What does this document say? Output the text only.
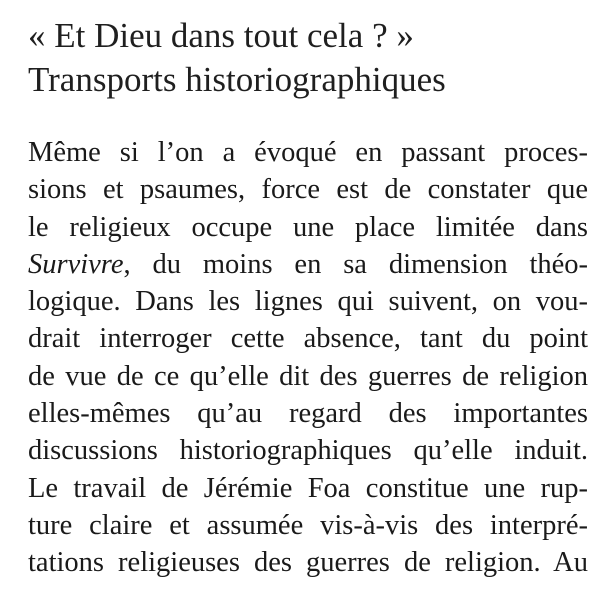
« Et Dieu dans tout cela ? »
Transports historiographiques
Même si l’on a évoqué en passant proces-
sions et psaumes, force est de constater que
le religieux occupe une place limitée dans
Survivre, du moins en sa dimension théo-
logique. Dans les lignes qui suivent, on vou-
drait interroger cette absence, tant du point
de vue de ce qu’elle dit des guerres de religion
elles-mêmes qu’au regard des importantes
discussions historiographiques qu’elle induit.
Le travail de Jérémie Foa constitue une rup-
ture claire et assumée vis-à-vis des interpré-
tations religieuses des guerres de religion. Au
